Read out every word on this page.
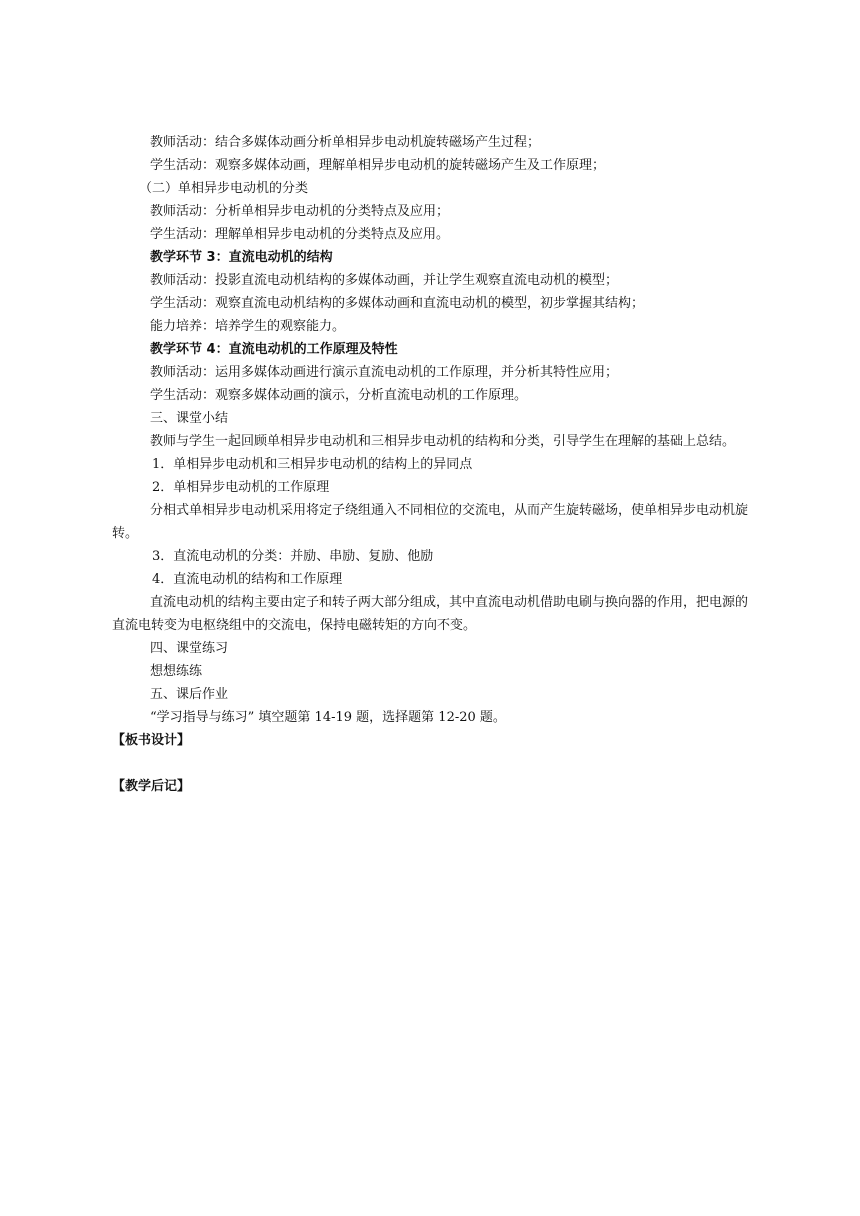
教师活动：结合多媒体动画分析单相异步电动机旋转磁场产生过程；

学生活动：观察多媒体动画，理解单相异步电动机的旋转磁场产生及工作原理；

（二）单相异步电动机的分类

教师活动：分析单相异步电动机的分类特点及应用；

学生活动：理解单相异步电动机的分类特点及应用。

教学环节 3：直流电动机的结构

教师活动：投影直流电动机结构的多媒体动画，并让学生观察直流电动机的模型；

学生活动：观察直流电动机结构的多媒体动画和直流电动机的模型，初步掌握其结构；

能力培养：培养学生的观察能力。

教学环节 4：直流电动机的工作原理及特性

教师活动：运用多媒体动画进行演示直流电动机的工作原理，并分析其特性应用；

学生活动：观察多媒体动画的演示，分析直流电动机的工作原理。

三、课堂小结

教师与学生一起回顾单相异步电动机和三相异步电动机的结构和分类，引导学生在理解的基础上总结。

1．单相异步电动机和三相异步电动机的结构上的异同点

2．单相异步电动机的工作原理

分相式单相异步电动机采用将定子绕组通入不同相位的交流电，从而产生旋转磁场，使单相异步电动机旋转。

3．直流电动机的分类：并励、串励、复励、他励

4．直流电动机的结构和工作原理

直流电动机的结构主要由定子和转子两大部分组成，其中直流电动机借助电刷与换向器的作用，把电源的直流电转变为电枢绕组中的交流电，保持电磁转矩的方向不变。

四、课堂练习

想想练练

五、课后作业

“学习指导与练习” 填空题第 14-19 题，选择题第 12-20 题。

【板书设计】

【教学后记】
